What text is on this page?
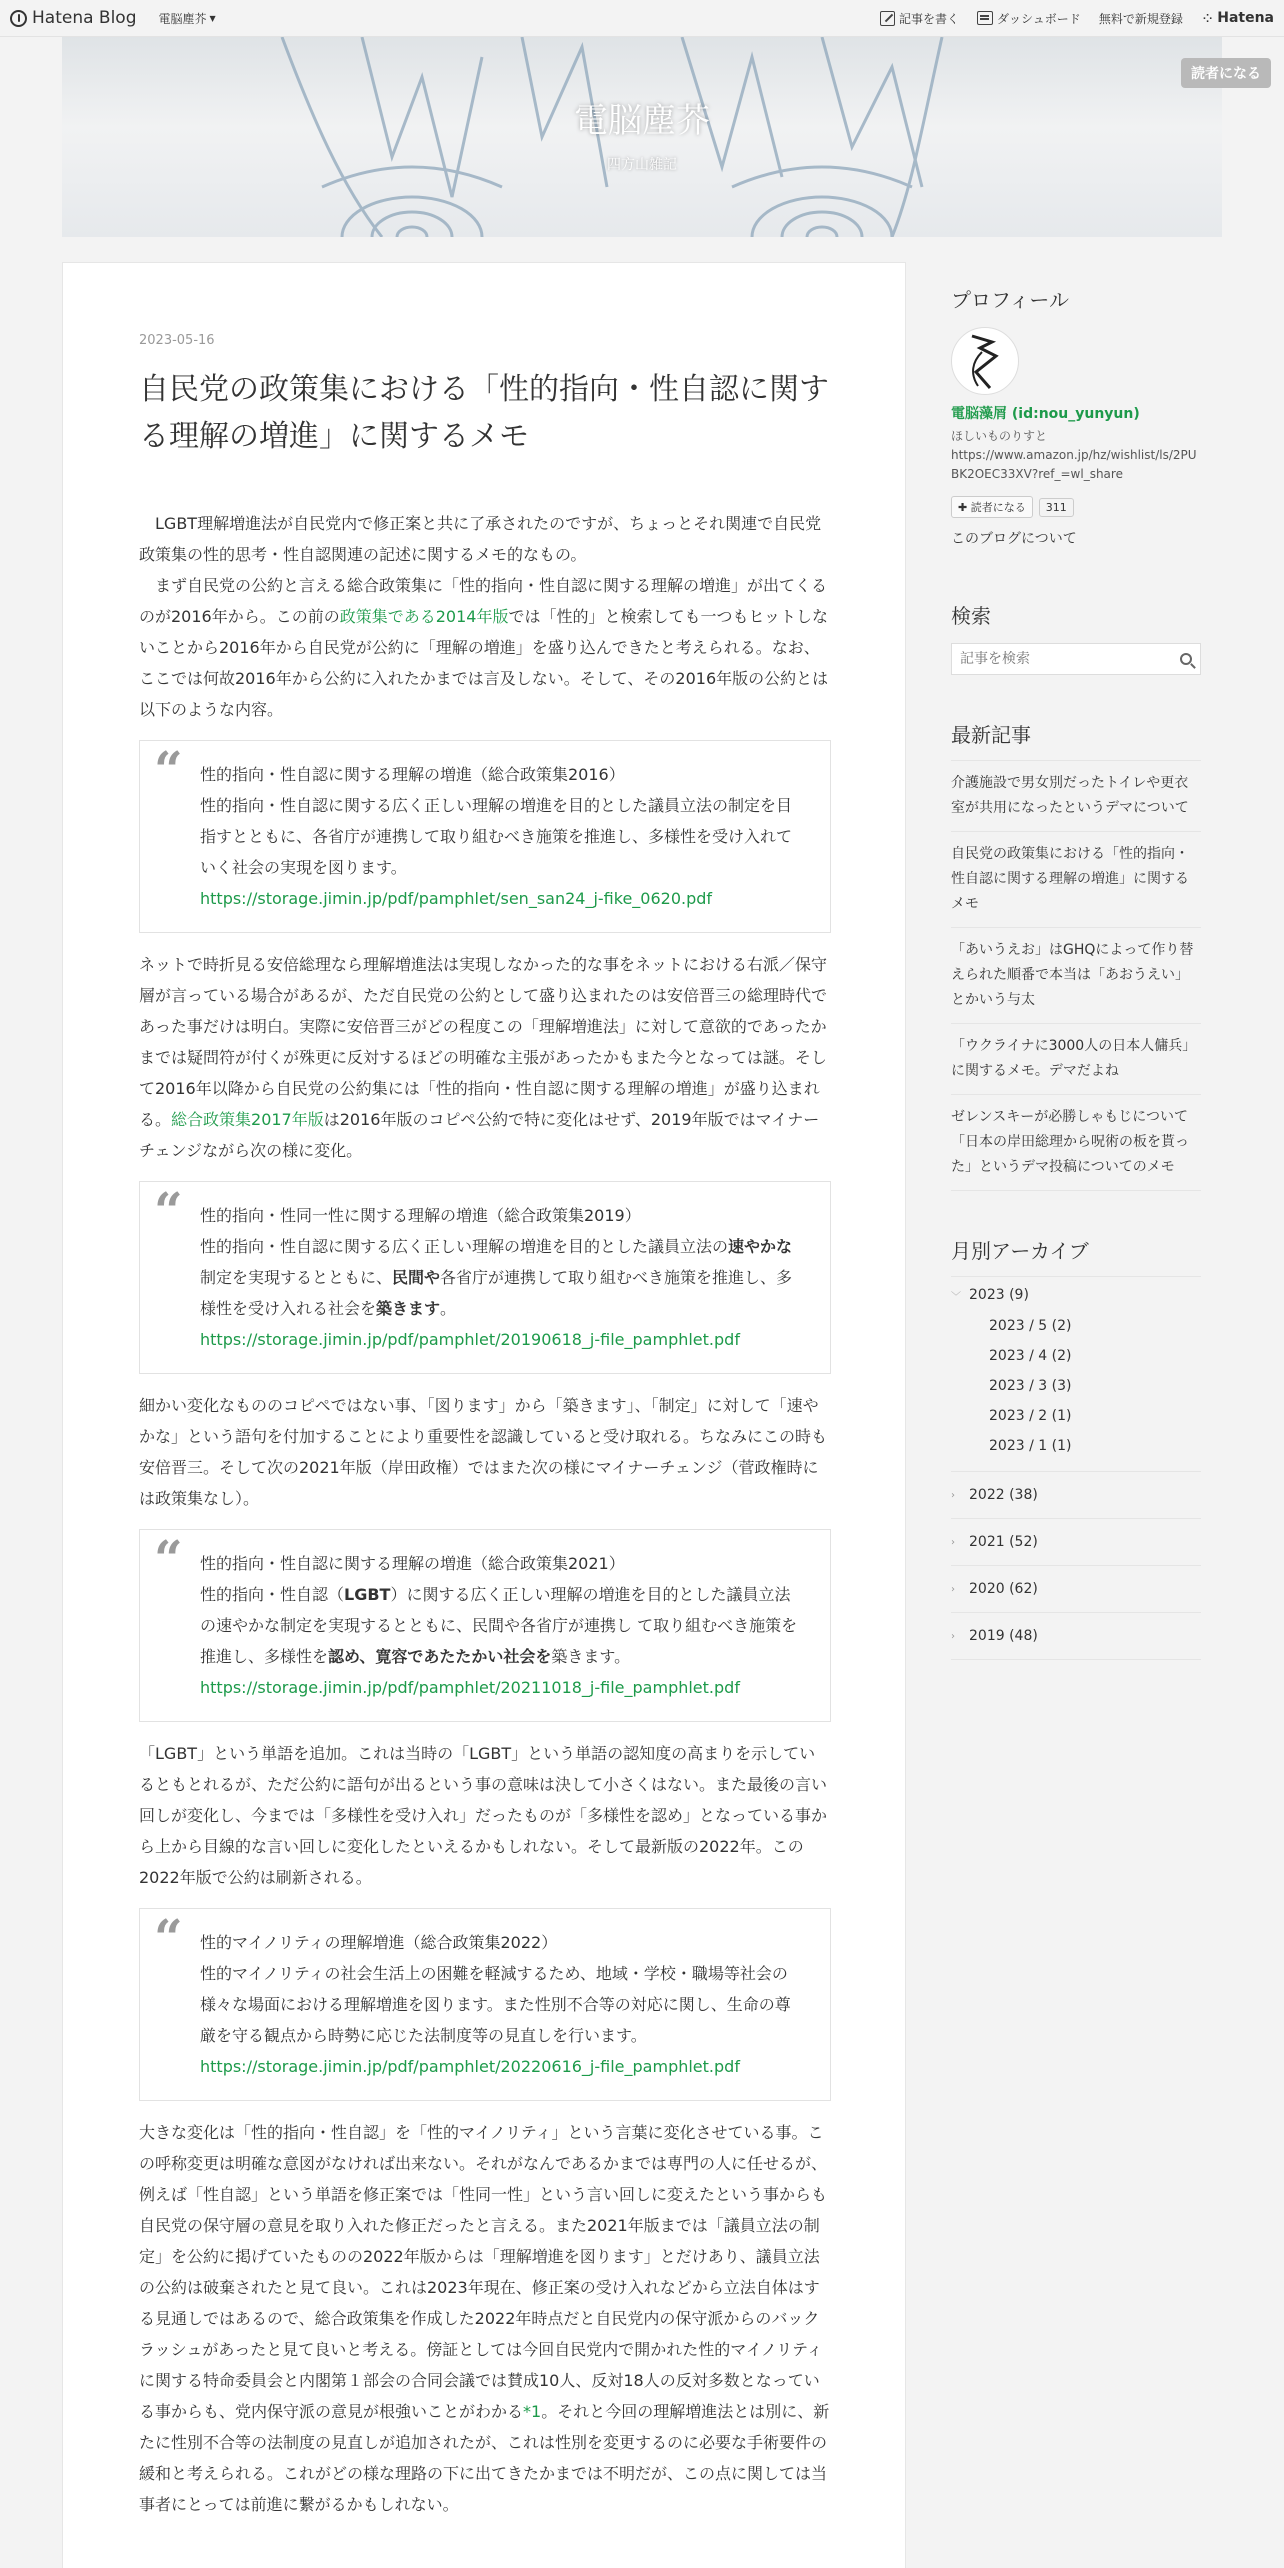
Hatena Blog 電脳塵芥 ▼	記事を書く	ダッシュボード 無料で新規登録 ⁘ Hatena
電脳塵芥
四方山雑記
読者になる
2023-05-16
自民党の政策集における「性的指向・性自認に関する理解の増進」に関するメモ

LGBT理解増進法が自民党内で修正案と共に了承されたのですが、ちょっとそれ関連で自民党政策集の性的思考・性自認関連の記述に関するメモ的なもの。

まず自民党の公約と言える総合政策集に「性的指向・性自認に関する理解の増進」が出てくるのが2016年から。この前の政策集である2014年版では「性的」と検索しても一つもヒットしないことから2016年から自民党が公約に「理解の増進」を盛り込んできたと考えられる。なお、ここでは何故2016年から公約に入れたかまでは言及しない。そして、その2016年版の公約とは以下のような内容。

“ 性的指向・性自認に関する理解の増進（総合政策集2016）
性的指向・性自認に関する広く正しい理解の増進を目的とした議員立法の制定を目指すとともに、各省庁が連携して取り組むべき施策を推進し、多様性を受け入れていく社会の実現を図ります。
https://storage.jimin.jp/pdf/pamphlet/sen_san24_j-fike_0620.pdf

ネットで時折見る安倍総理なら理解増進法は実現しなかった的な事をネットにおける右派／保守層が言っている場合があるが、ただ自民党の公約として盛り込まれたのは安倍晋三の総理時代であった事だけは明白。実際に安倍晋三がどの程度この「理解増進法」に対して意欲的であったかまでは疑問符が付くが殊更に反対するほどの明確な主張があったかもまた今となっては謎。そして2016年以降から自民党の公約集には「性的指向・性自認に関する理解の増進」が盛り込まれる。総合政策集2017年版は2016年版のコピペ公約で特に変化はせず、2019年版ではマイナーチェンジながら次の様に変化。

“ 性的指向・性同一性に関する理解の増進（総合政策集2019）
性的指向・性自認に関する広く正しい理解の増進を目的とした議員立法の速やかな制定を実現するとともに、民間や各省庁が連携して取り組むべき施策を推進し、多様性を受け入れる社会を築きます。
https://storage.jimin.jp/pdf/pamphlet/20190618_j-file_pamphlet.pdf

細かい変化なもののコピペではない事、「図ります」から「築きます」、「制定」に対して「速やかな」という語句を付加することにより重要性を認識していると受け取れる。ちなみにこの時も安倍晋三。そして次の2021年版（岸田政権）ではまた次の様にマイナーチェンジ（菅政権時には政策集なし）。

“ 性的指向・性自認に関する理解の増進（総合政策集2021）
性的指向・性自認（LGBT）に関する広く正しい理解の増進を目的とした議員立法の速やかな制定を実現するとともに、民間や各省庁が連携し て取り組むべき施策を推進し、多様性を認め、寛容であたたかい社会を築きます。
https://storage.jimin.jp/pdf/pamphlet/20211018_j-file_pamphlet.pdf

「LGBT」という単語を追加。これは当時の「LGBT」という単語の認知度の高まりを示しているともとれるが、ただ公約に語句が出るという事の意味は決して小さくはない。また最後の言い回しが変化し、今までは「多様性を受け入れ」だったものが「多様性を認め」となっている事から上から目線的な言い回しに変化したといえるかもしれない。そして最新版の2022年。この2022年版で公約は刷新される。

“ 性的マイノリティの理解増進（総合政策集2022）
性的マイノリティの社会生活上の困難を軽減するため、地域・学校・職場等社会の様々な場面における理解増進を図ります。また性別不合等の対応に関し、生命の尊厳を守る観点から時勢に応じた法制度等の見直しを行います。
https://storage.jimin.jp/pdf/pamphlet/20220616_j-file_pamphlet.pdf

大きな変化は「性的指向・性自認」を「性的マイノリティ」という言葉に変化させている事。この呼称変更は明確な意図がなければ出来ない。それがなんであるかまでは専門の人に任せるが、例えば「性自認」という単語を修正案では「性同一性」という言い回しに変えたという事からも自民党の保守層の意見を取り入れた修正だったと言える。また2021年版までは「議員立法の制定」を公約に掲げていたものの2022年版からは「理解増進を図ります」とだけあり、議員立法の公約は破棄されたと見て良い。これは2023年現在、修正案の受け入れなどから立法自体はする見通しではあるので、総合政策集を作成した2022年時点だと自民党内の保守派からのバックラッシュがあったと見て良いと考える。傍証としては今回自民党内で開かれた性的マイノリティに関する特命委員会と内閣第１部会の合同会議では賛成10人、反対18人の反対多数となっている事からも、党内保守派の意見が根強いことがわかる*1。それと今回の理解増進法とは別に、新たに性別不合等の法制度の見直しが追加されたが、これは性別を変更するのに必要な手術要件の緩和と考えられる。これがどの様な理路の下に出てきたかまでは不明だが、この点に関しては当事者にとっては前進に繋がるかもしれない。

プロフィール
電脳藻屑 (id:nou_yunyun)
ほしいものりすと
https://www.amazon.jp/hz/wishlist/ls/2PUBK2OEC33XV?ref_=wl_share
✚ 読者になる	311
このブログについて
検索
記事を検索
最新記事
介護施設で男女別だったトイレや更衣室が共用になったというデマについて
自民党の政策集における「性的指向・性自認に関する理解の増進」に関するメモ
「あいうえお」はGHQによって作り替えられた順番で本当は「あおうえい」とかいう与太
「ウクライナに3000人の日本人傭兵」に関するメモ。デマだよね
ゼレンスキーが必勝しゃもじについて「日本の岸田総理から呪術の板を貰った」というデマ投稿についてのメモ
月別アーカイブ
﹀ 2023 (9)
2023 / 5 (2)
2023 / 4 (2)
2023 / 3 (3)
2023 / 2 (1)
2023 / 1 (1)
›	2022 (38)
›	2021 (52)
›	2020 (62)
›	2019 (48)
